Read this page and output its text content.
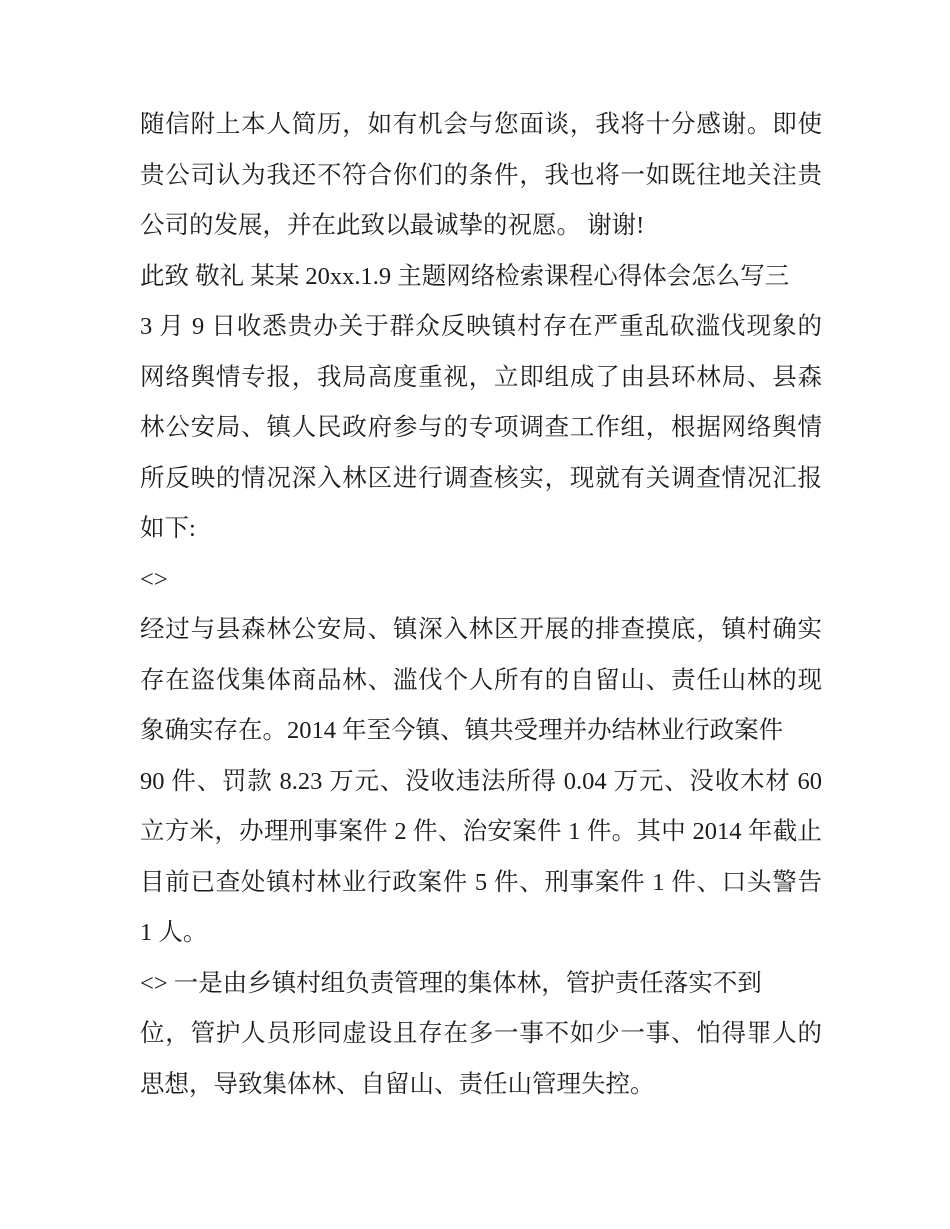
随信附上本人简历，如有机会与您面谈，我将十分感谢。即使
贵公司认为我还不符合你们的条件，我也将一如既往地关注贵
公司的发展，并在此致以最诚挚的祝愿。 谢谢!
此致 敬礼 某某 20xx.1.9 主题网络检索课程心得体会怎么写三
3 月 9 日收悉贵办关于群众反映镇村存在严重乱砍滥伐现象的
网络舆情专报，我局高度重视，立即组成了由县环林局、县森
林公安局、镇人民政府参与的专项调查工作组，根据网络舆情
所反映的情况深入林区进行调查核实，现就有关调查情况汇报
如下:
<>
经过与县森林公安局、镇深入林区开展的排查摸底，镇村确实
存在盗伐集体商品林、滥伐个人所有的自留山、责任山林的现
象确实存在。2014 年至今镇、镇共受理并办结林业行政案件
90 件、罚款 8.23 万元、没收违法所得 0.04 万元、没收木材 60
立方米，办理刑事案件 2 件、治安案件 1 件。其中 2014 年截止
目前已查处镇村林业行政案件 5 件、刑事案件 1 件、口头警告
1 人。
<> 一是由乡镇村组负责管理的集体林，管护责任落实不到
位，管护人员形同虚设且存在多一事不如少一事、怕得罪人的
思想，导致集体林、自留山、责任山管理失控。
